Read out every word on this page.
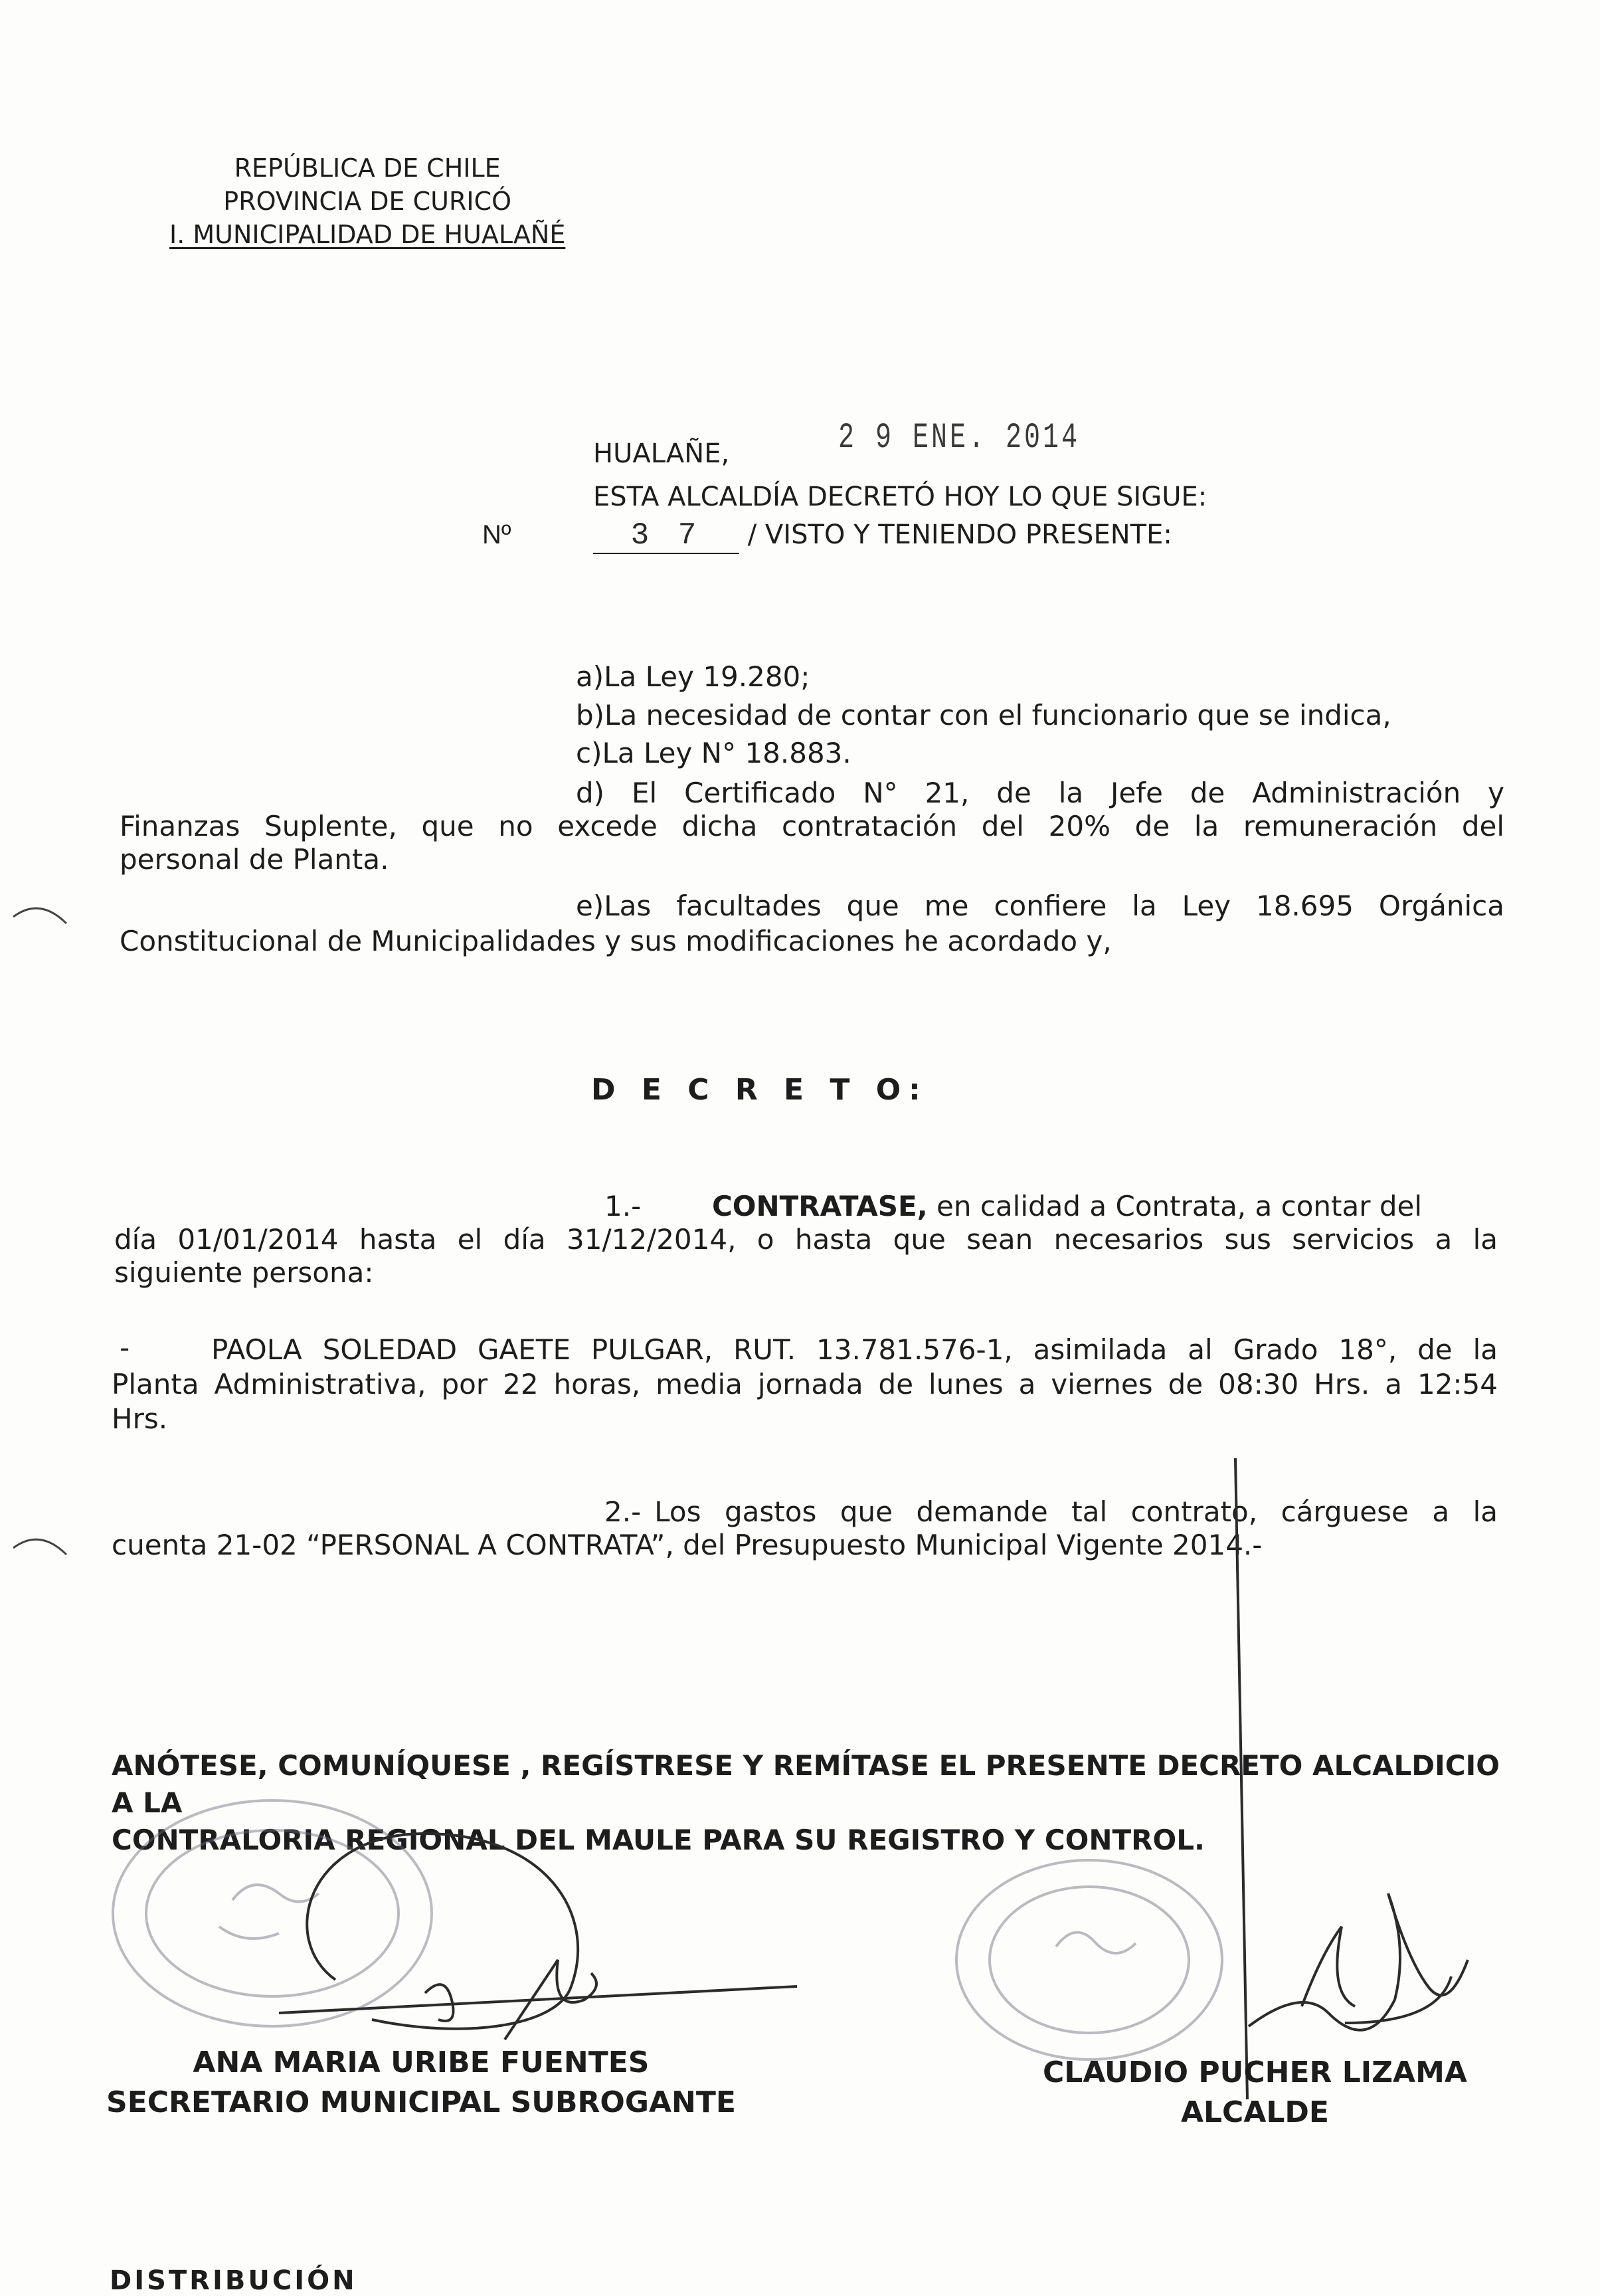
REPÚBLICA DE CHILE
PROVINCIA DE CURICÓ
I. MUNICIPALIDAD DE HUALAÑÉ
HUALAÑE,	2 9 ENE. 2014
ESTA ALCALDÍA DECRETÓ HOY LO QUE SIGUE:
Nº	3 7 / VISTO Y TENIENDO PRESENTE:
a)La Ley 19.280;
b)La necesidad de contar con el funcionario que se indica,
c)La Ley N° 18.883.
d) El Certificado N° 21, de la Jefe de Administración y
Finanzas Suplente, que no excede dicha contratación del 20% de la remuneración del
personal de Planta.
e)Las facultades que me confiere la Ley 18.695 Orgánica
Constitucional de Municipalidades y sus modificaciones he acordado y,
D E C R E T O:
1.-	CONTRATASE, en calidad a Contrata, a contar del
día 01/01/2014 hasta el día 31/12/2014, o hasta que sean necesarios sus servicios a la
siguiente persona:
-	PAOLA SOLEDAD GAETE PULGAR, RUT. 13.781.576-1, asimilada al Grado 18°, de la
Planta Administrativa, por 22 horas, media jornada de lunes a viernes de 08:30 Hrs. a 12:54
Hrs.
2.- Los gastos que demande tal contrato, cárguese a la
cuenta 21-02 “PERSONAL A CONTRATA”, del Presupuesto Municipal Vigente 2014.-
ANÓTESE, COMUNÍQUESE , REGÍSTRESE Y REMÍTASE EL PRESENTE DECRETO ALCALDICIO A LA
CONTRALORIA REGIONAL DEL MAULE PARA SU REGISTRO Y CONTROL.
ANA MARIA URIBE FUENTES
SECRETARIO MUNICIPAL SUBROGANTE
CLAUDIO PUCHER LIZAMA
ALCALDE
DISTRIBUCIÓN
